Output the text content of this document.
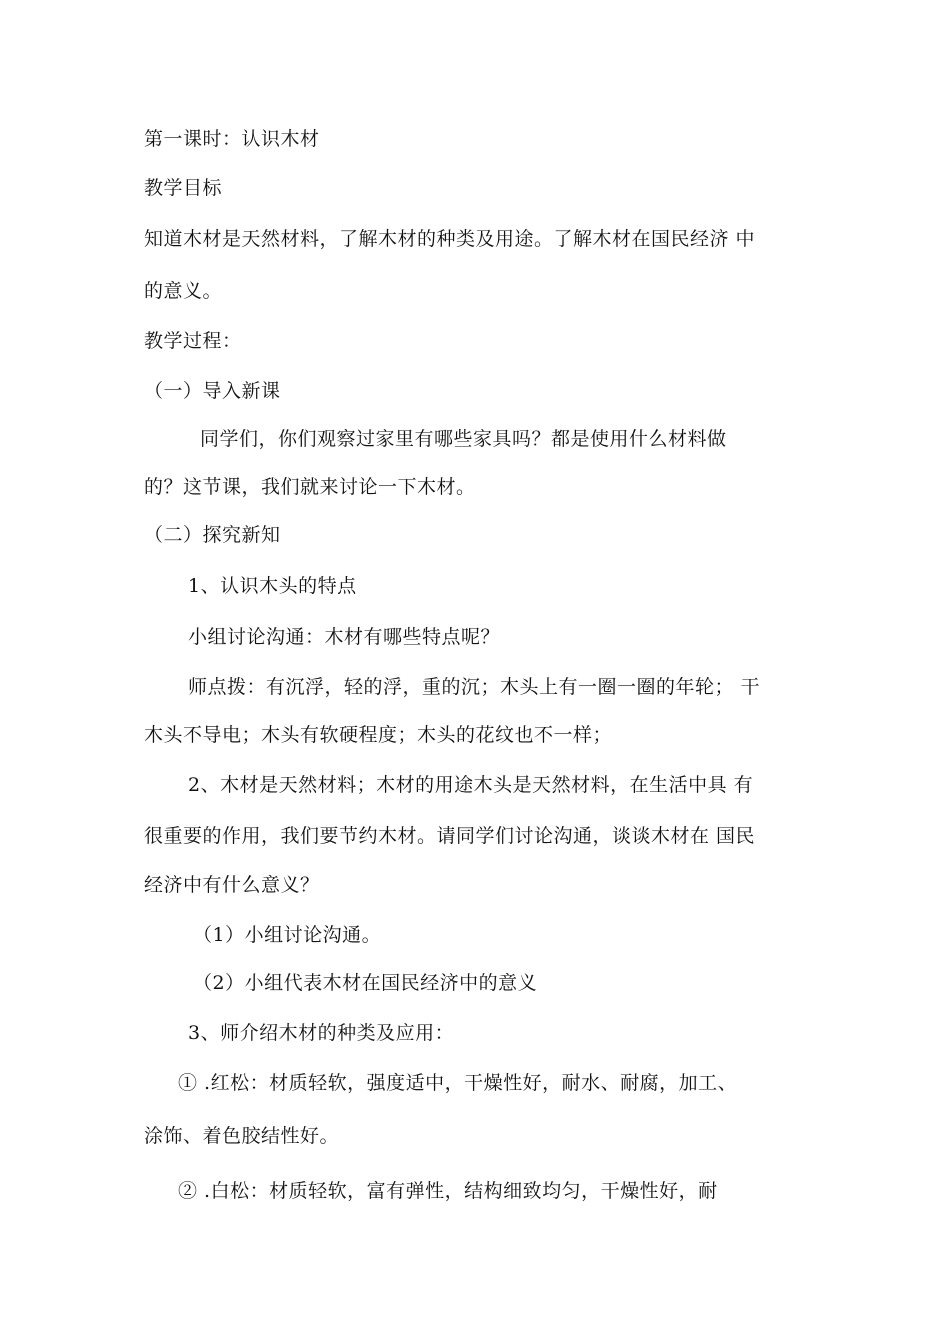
第一课时：认识木材
教学目标
知道木材是天然材料，了解木材的种类及用途。了解木材在国民经济 中
的意义。
教学过程：
（一）导入新课
同学们，你们观察过家里有哪些家具吗？都是使用什么材料做
的？这节课，我们就来讨论一下木材。
（二）探究新知
1、认识木头的特点
小组讨论沟通：木材有哪些特点呢？
师点拨：有沉浮，轻的浮，重的沉；木头上有一圈一圈的年轮； 干
木头不导电；木头有软硬程度；木头的花纹也不一样；
2、木材是天然材料；木材的用途木头是天然材料，在生活中具 有
很重要的作用，我们要节约木材。请同学们讨论沟通，谈谈木材在 国民
经济中有什么意义？
（1）小组讨论沟通。
（2）小组代表木材在国民经济中的意义
3、师介绍木材的种类及应用：
① .红松：材质轻软，强度适中，干燥性好，耐水、耐腐，加工、
涂饰、着色胶结性好。
② .白松：材质轻软，富有弹性，结构细致均匀，干燥性好，耐
